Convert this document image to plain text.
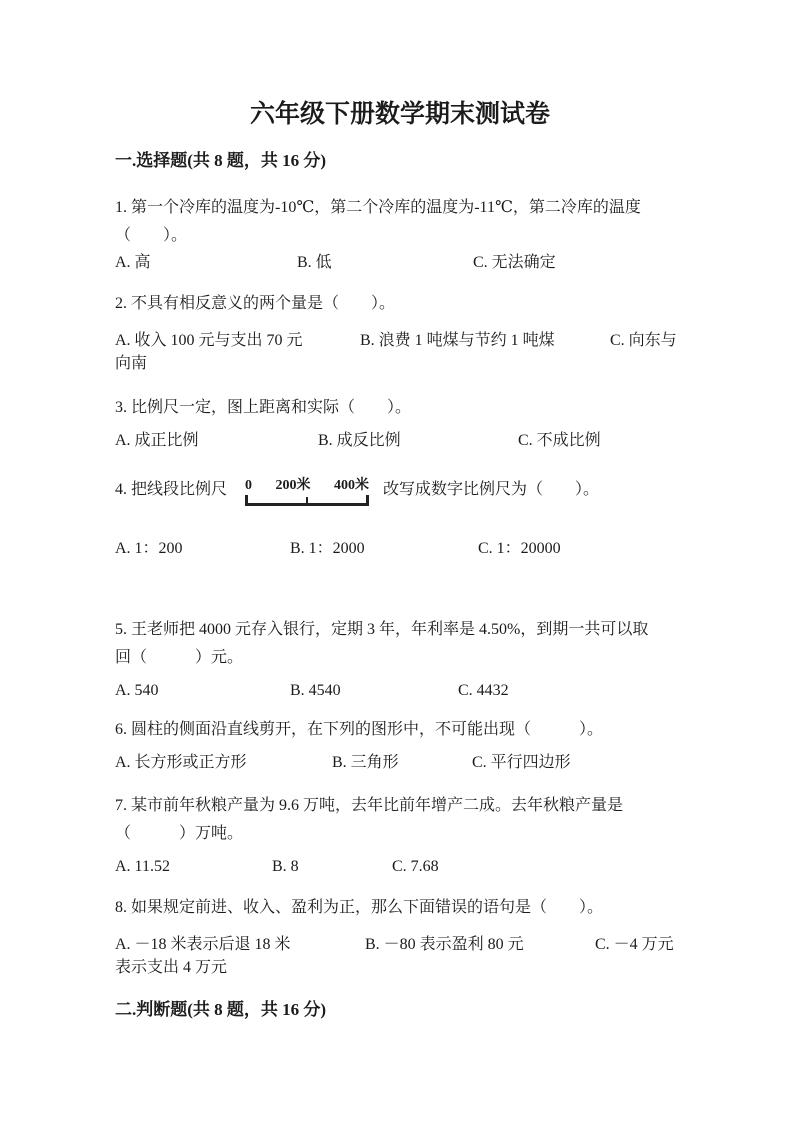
六年级下册数学期末测试卷
一.选择题(共 8 题，共 16 分)
1. 第一个冷库的温度为-10℃，第二个冷库的温度为-11℃，第二冷库的温度
（　　）。
A. 高	B. 低	C. 无法确定
2. 不具有相反意义的两个量是（　　）。
A. 收入 100 元与支出 70 元	B. 浪费 1 吨煤与节约 1 吨煤	C. 向东与
向南
3. 比例尺一定，图上距离和实际（　　）。
A. 成正比例	B. 成反比例	C. 不成比例
4. 把线段比例尺 0 200米 400米 改写成数字比例尺为（　　）。
A. 1：200	B. 1：2000	C. 1：20000
5. 王老师把 4000 元存入银行，定期 3 年，年利率是 4.50%，到期一共可以取
回（　　　）元。
A. 540	B. 4540	C. 4432
6. 圆柱的侧面沿直线剪开，在下列的图形中，不可能出现（　　　）。
A. 长方形或正方形	B. 三角形	C. 平行四边形
7. 某市前年秋粮产量为 9.6 万吨，去年比前年增产二成。去年秋粮产量是
（　　　）万吨。
A. 11.52	B. 8	C. 7.68
8. 如果规定前进、收入、盈利为正，那么下面错误的语句是（　　）。
A. －18 米表示后退 18 米	B. －80 表示盈利 80 元	C. －4 万元
表示支出 4 万元
二.判断题(共 8 题，共 16 分)
